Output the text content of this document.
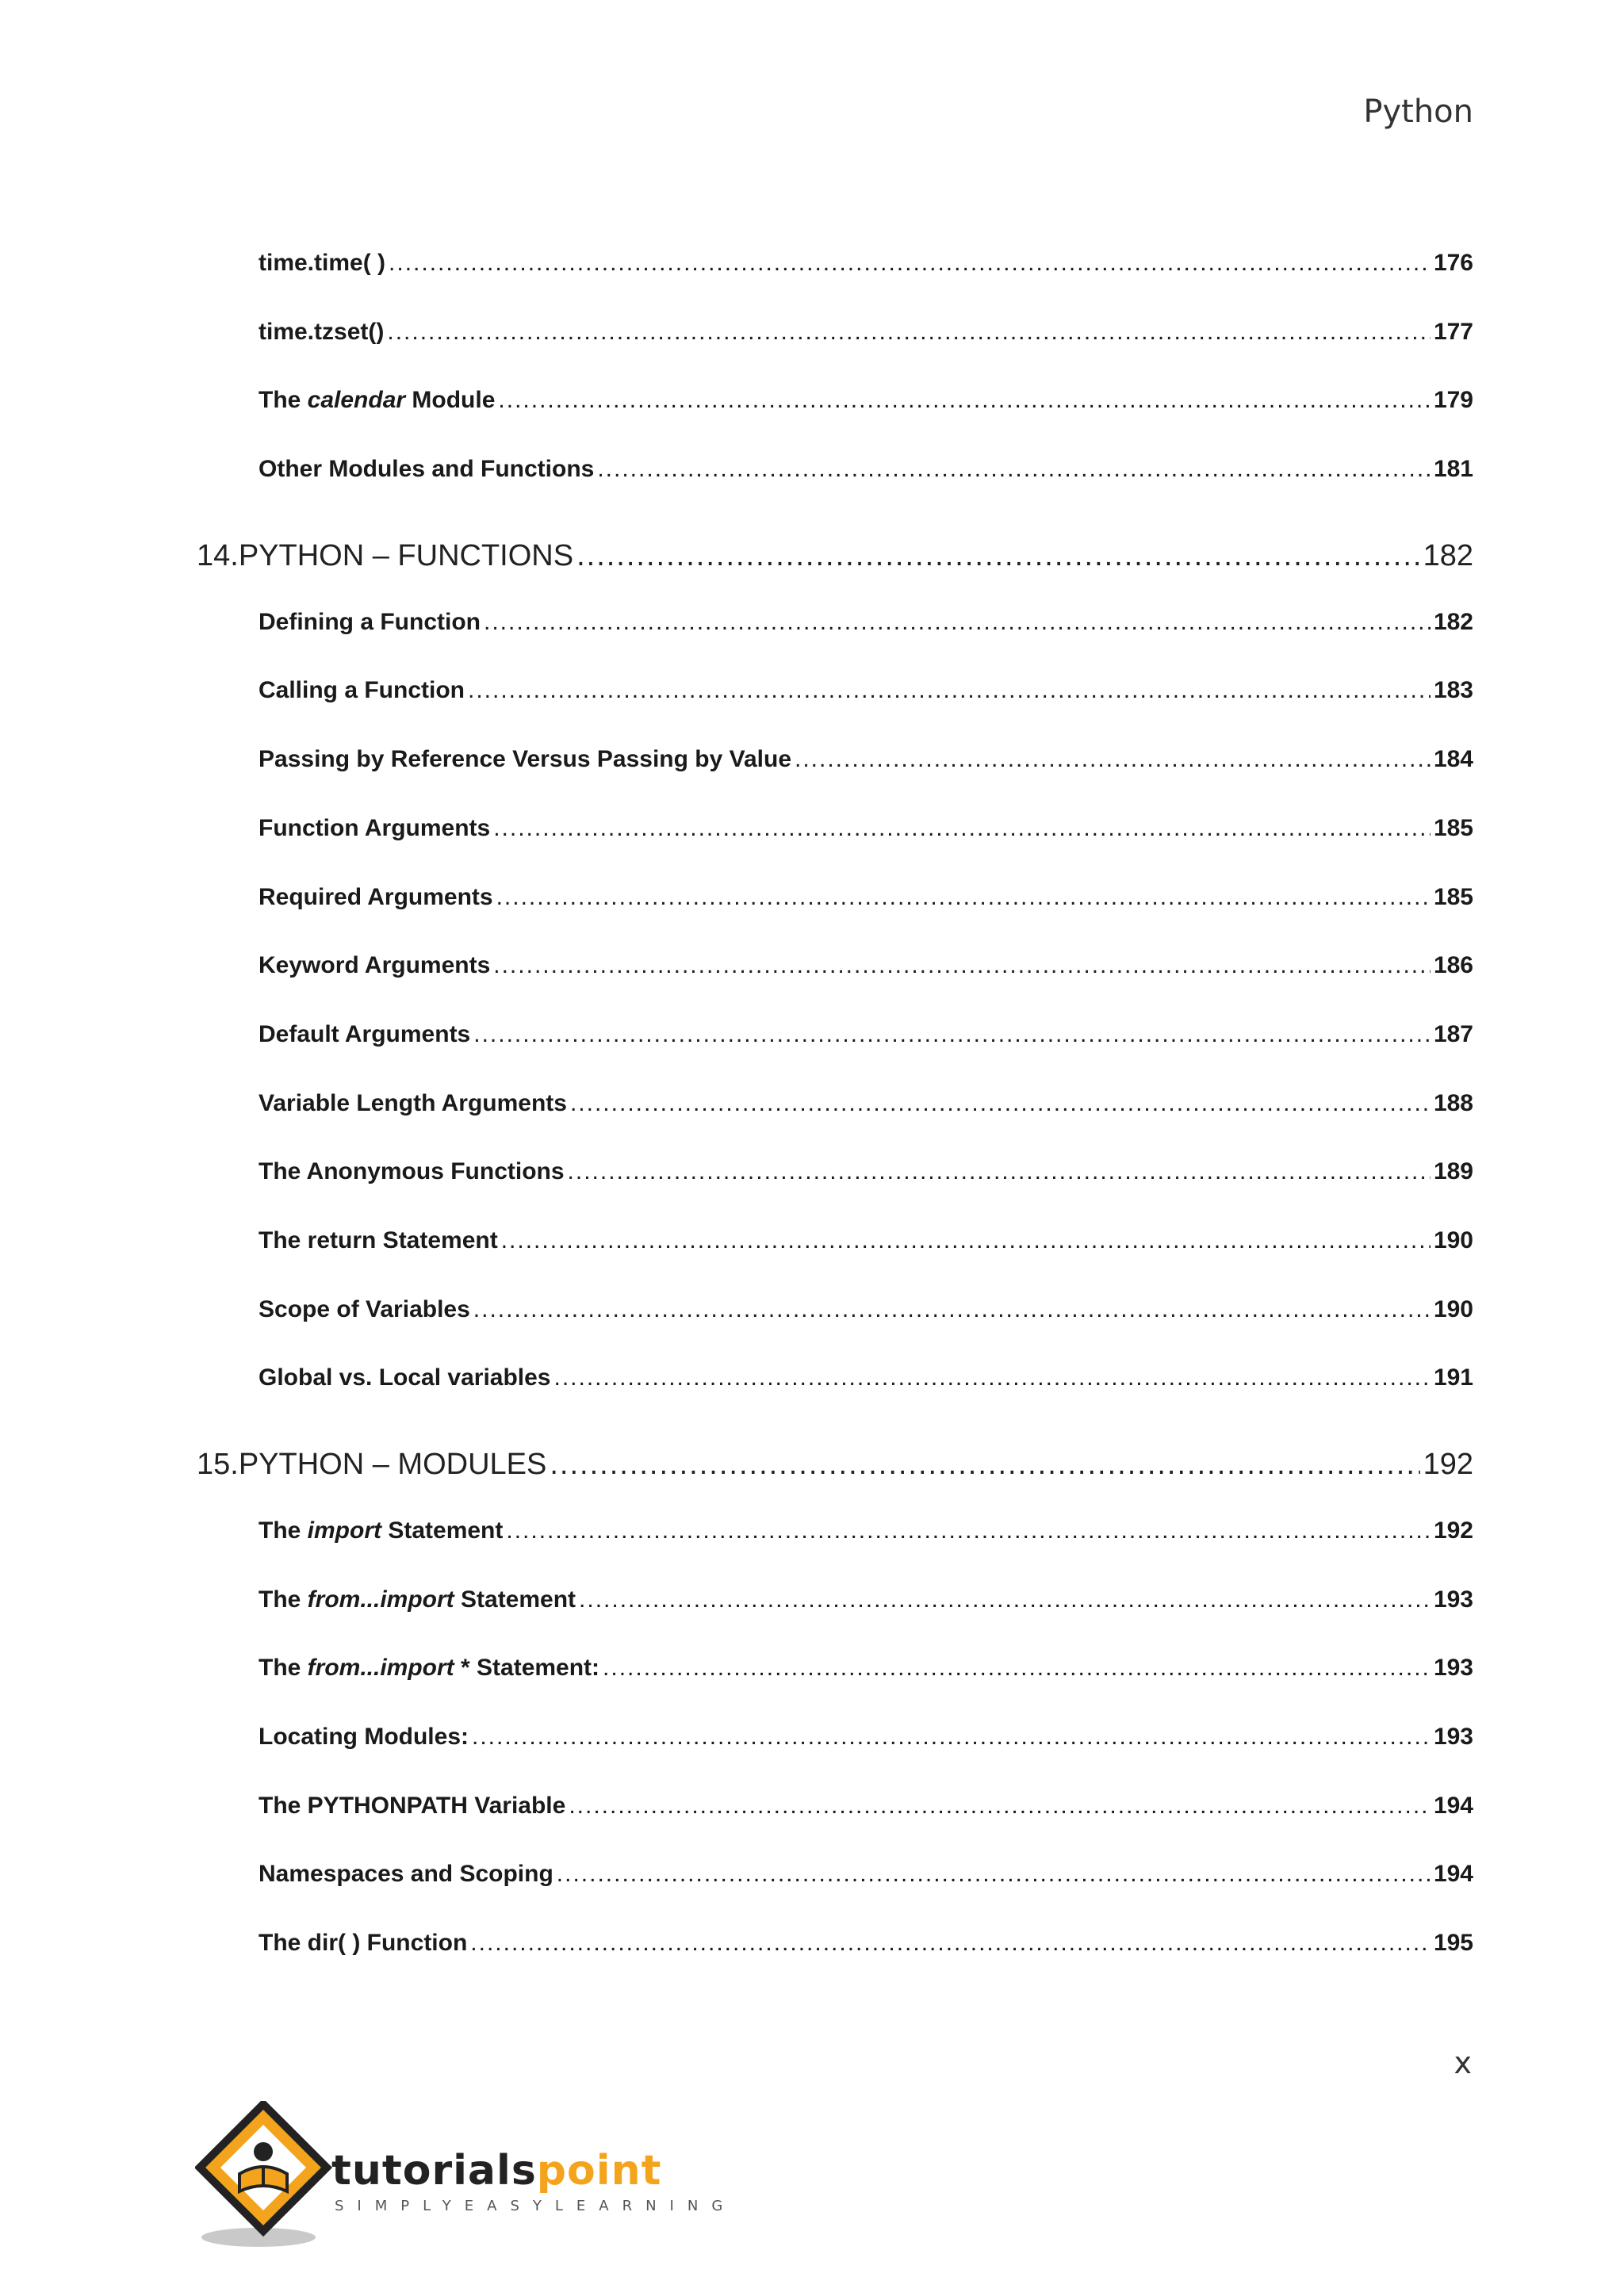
Python
time.time( ) .....	176
time.tzset() .....	177
The calendar Module .....	179
Other Modules and Functions .....	181
14. PYTHON – FUNCTIONS .....	182
Defining a Function .....	182
Calling a Function .....	183
Passing by Reference Versus Passing by Value .....	184
Function Arguments .....	185
Required Arguments .....	185
Keyword Arguments .....	186
Default Arguments .....	187
Variable Length Arguments .....	188
The Anonymous Functions .....	189
The return Statement .....	190
Scope of Variables .....	190
Global vs. Local variables .....	191
15. PYTHON – MODULES .....	192
The import Statement .....	192
The from...import Statement .....	193
The from...import * Statement: .....	193
Locating Modules: .....	193
The PYTHONPATH Variable .....	194
Namespaces and Scoping .....	194
The dir( ) Function .....	195
x
tutorialspoint
SIMPLYEASYLEARNING
